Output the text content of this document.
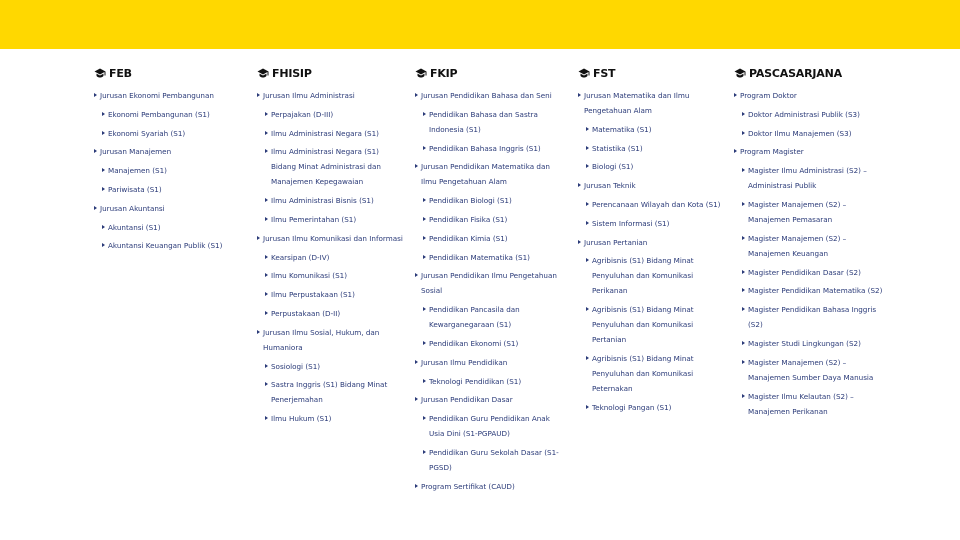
FEB
Jurusan Ekonomi Pembangunan
Ekonomi Pembangunan (S1)
Ekonomi Syariah (S1)
Jurusan Manajemen
Manajemen (S1)
Pariwisata (S1)
Jurusan Akuntansi
Akuntansi (S1)
Akuntansi Keuangan Publik (S1)
FHISIP
Jurusan Ilmu Administrasi
Perpajakan (D-III)
Ilmu Administrasi Negara (S1)
Ilmu Administrasi Negara (S1) Bidang Minat Administrasi dan Manajemen Kepegawaian
Ilmu Administrasi Bisnis (S1)
Ilmu Pemerintahan (S1)
Jurusan Ilmu Komunikasi dan Informasi
Kearsipan (D-IV)
Ilmu Komunikasi (S1)
Ilmu Perpustakaan (S1)
Perpustakaan (D-II)
Jurusan Ilmu Sosial, Hukum, dan Humaniora
Sosiologi (S1)
Sastra Inggris (S1) Bidang Minat Penerjemahan
Ilmu Hukum (S1)
FKIP
Jurusan Pendidikan Bahasa dan Seni
Pendidikan Bahasa dan Sastra Indonesia (S1)
Pendidikan Bahasa Inggris (S1)
Jurusan Pendidikan Matematika dan Ilmu Pengetahuan Alam
Pendidikan Biologi (S1)
Pendidikan Fisika (S1)
Pendidikan Kimia (S1)
Pendidikan Matematika (S1)
Jurusan Pendidikan Ilmu Pengetahuan Sosial
Pendidikan Pancasila dan Kewarganegaraan (S1)
Pendidikan Ekonomi (S1)
Jurusan Ilmu Pendidikan
Teknologi Pendidikan (S1)
Jurusan Pendidikan Dasar
Pendidikan Guru Pendidikan Anak Usia Dini (S1-PGPAUD)
Pendidikan Guru Sekolah Dasar (S1-PGSD)
Program Sertifikat (CAUD)
FST
Jurusan Matematika dan Ilmu Pengetahuan Alam
Matematika (S1)
Statistika (S1)
Biologi (S1)
Jurusan Teknik
Perencanaan Wilayah dan Kota (S1)
Sistem Informasi (S1)
Jurusan Pertanian
Agribisnis (S1) Bidang Minat Penyuluhan dan Komunikasi Perikanan
Agribisnis (S1) Bidang Minat Penyuluhan dan Komunikasi Pertanian
Agribisnis (S1) Bidang Minat Penyuluhan dan Komunikasi Peternakan
Teknologi Pangan (S1)
PASCASARJANA
Program Doktor
Doktor Administrasi Publik (S3)
Doktor Ilmu Manajemen (S3)
Program Magister
Magister Ilmu Administrasi (S2) – Administrasi Publik
Magister Manajemen (S2) – Manajemen Pemasaran
Magister Manajemen (S2) – Manajemen Keuangan
Magister Pendidikan Dasar (S2)
Magister Pendidikan Matematika (S2)
Magister Pendidikan Bahasa Inggris (S2)
Magister Studi Lingkungan (S2)
Magister Manajemen (S2) – Manajemen Sumber Daya Manusia
Magister Ilmu Kelautan (S2) – Manajemen Perikanan
